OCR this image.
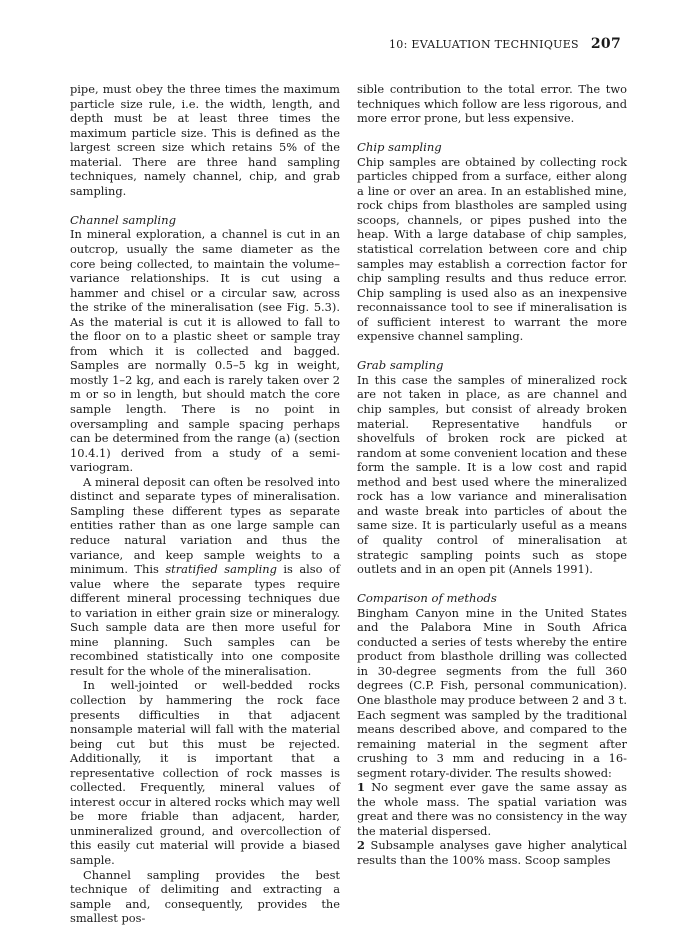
10: EVALUATION TECHNIQUES 207

pipe, must obey the three times the maximum particle size rule, i.e. the width, length, and depth must be at least three times the maximum particle size. This is defined as the largest screen size which retains 5% of the material. There are three hand sampling techniques, namely channel, chip, and grab sampling.

Channel sampling

In mineral exploration, a channel is cut in an outcrop, usually the same diameter as the core being collected, to maintain the volume–variance relationships. It is cut using a hammer and chisel or a circular saw, across the strike of the mineralisation (see Fig. 5.3). As the material is cut it is allowed to fall to the floor on to a plastic sheet or sample tray from which it is collected and bagged. Samples are normally 0.5–5 kg in weight, mostly 1–2 kg, and each is rarely taken over 2 m or so in length, but should match the core sample length. There is no point in oversampling and sample spacing perhaps can be determined from the range (a) (section 10.4.1) derived from a study of a semi-variogram.

A mineral deposit can often be resolved into distinct and separate types of mineralisation. Sampling these different types as separate entities rather than as one large sample can reduce natural variation and thus the variance, and keep sample weights to a minimum. This stratified sampling is also of value where the separate types require different mineral processing techniques due to variation in either grain size or mineralogy. Such sample data are then more useful for mine planning. Such samples can be recombined statistically into one composite result for the whole of the mineralisation.

In well-jointed or well-bedded rocks collection by hammering the rock face presents difficulties in that adjacent nonsample material will fall with the material being cut but this must be rejected. Additionally, it is important that a representative collection of rock masses is collected. Frequently, mineral values of interest occur in altered rocks which may well be more friable than adjacent, harder, unmineralized ground, and overcollection of this easily cut material will provide a biased sample.

Channel sampling provides the best technique of delimiting and extracting a sample and, consequently, provides the smallest pos-

sible contribution to the total error. The two techniques which follow are less rigorous, and more error prone, but less expensive.

Chip sampling

Chip samples are obtained by collecting rock particles chipped from a surface, either along a line or over an area. In an established mine, rock chips from blastholes are sampled using scoops, channels, or pipes pushed into the heap. With a large database of chip samples, statistical correlation between core and chip samples may establish a correction factor for chip sampling results and thus reduce error. Chip sampling is used also as an inexpensive reconnaissance tool to see if mineralisation is of sufficient interest to warrant the more expensive channel sampling.

Grab sampling

In this case the samples of mineralized rock are not taken in place, as are channel and chip samples, but consist of already broken material. Representative handfuls or shovelfuls of broken rock are picked at random at some convenient location and these form the sample. It is a low cost and rapid method and best used where the mineralized rock has a low variance and mineralisation and waste break into particles of about the same size. It is particularly useful as a means of quality control of mineralisation at strategic sampling points such as stope outlets and in an open pit (Annels 1991).

Comparison of methods

Bingham Canyon mine in the United States and the Palabora Mine in South Africa conducted a series of tests whereby the entire product from blasthole drilling was collected in 30-degree segments from the full 360 degrees (C.P. Fish, personal communication). One blasthole may produce between 2 and 3 t. Each segment was sampled by the traditional means described above, and compared to the remaining material in the segment after crushing to 3 mm and reducing in a 16-segment rotary-divider. The results showed:

1 No segment ever gave the same assay as the whole mass. The spatial variation was great and there was no consistency in the way the material dispersed.

2 Subsample analyses gave higher analytical results than the 100% mass. Scoop samples
